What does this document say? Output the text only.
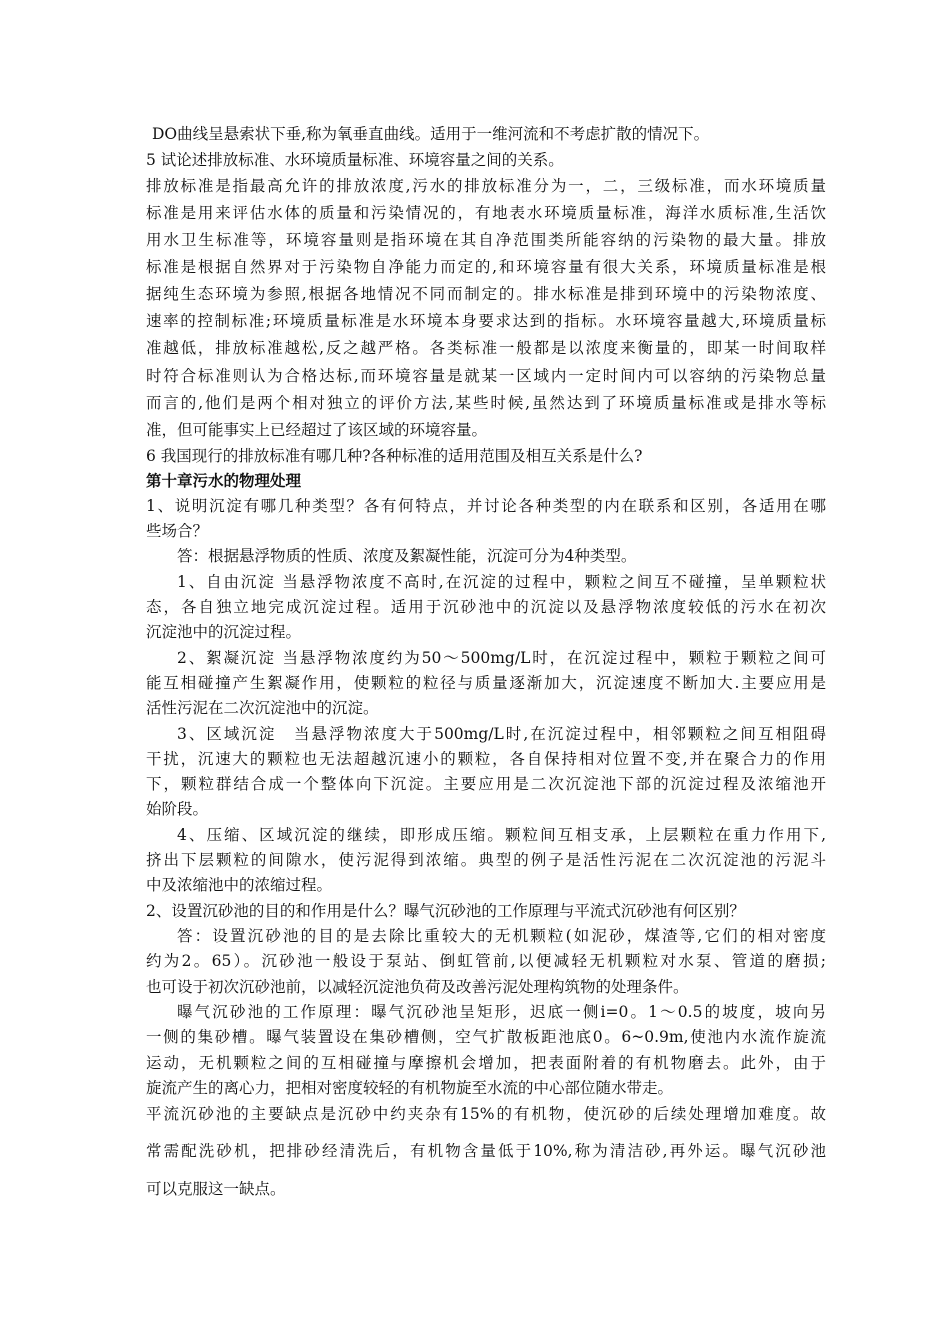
DO曲线呈悬索状下垂,称为氧垂直曲线。适用于一维河流和不考虑扩散的情况下。
5 试论述排放标准、水环境质量标准、环境容量之间的关系。
排放标准是指最高允许的排放浓度,污水的排放标准分为一，二，三级标准，而水环境质量
标准是用来评估水体的质量和污染情况的，有地表水环境质量标准，海洋水质标准,生活饮
用水卫生标准等，环境容量则是指环境在其自净范围类所能容纳的污染物的最大量。排放
标准是根据自然界对于污染物自净能力而定的,和环境容量有很大关系，环境质量标准是根
据纯生态环境为参照,根据各地情况不同而制定的。排水标准是排到环境中的污染物浓度、
速率的控制标准;环境质量标准是水环境本身要求达到的指标。水环境容量越大,环境质量标
准越低，排放标准越松,反之越严格。各类标准一般都是以浓度来衡量的，即某一时间取样
时符合标准则认为合格达标,而环境容量是就某一区域内一定时间内可以容纳的污染物总量
而言的,他们是两个相对独立的评价方法,某些时候,虽然达到了环境质量标准或是排水等标
准，但可能事实上已经超过了该区域的环境容量。
6 我国现行的排放标准有哪几种?各种标准的适用范围及相互关系是什么?
第十章污水的物理处理
1、说明沉淀有哪几种类型？各有何特点，并讨论各种类型的内在联系和区别，各适用在哪
些场合？
答：根据悬浮物质的性质、浓度及絮凝性能，沉淀可分为4种类型。
1、自由沉淀 当悬浮物浓度不高时,在沉淀的过程中，颗粒之间互不碰撞，呈单颗粒状
态，各自独立地完成沉淀过程。适用于沉砂池中的沉淀以及悬浮物浓度较低的污水在初次
沉淀池中的沉淀过程。
2、絮凝沉淀 当悬浮物浓度约为50～500mg/L时，在沉淀过程中，颗粒于颗粒之间可
能互相碰撞产生絮凝作用，使颗粒的粒径与质量逐渐加大，沉淀速度不断加大.主要应用是
活性污泥在二次沉淀池中的沉淀。
3、区域沉淀　当悬浮物浓度大于500mg/L时,在沉淀过程中，相邻颗粒之间互相阻碍
干扰，沉速大的颗粒也无法超越沉速小的颗粒，各自保持相对位置不变,并在聚合力的作用
下，颗粒群结合成一个整体向下沉淀。主要应用是二次沉淀池下部的沉淀过程及浓缩池开
始阶段。
4、压缩、区域沉淀的继续，即形成压缩。颗粒间互相支承，上层颗粒在重力作用下,
挤出下层颗粒的间隙水，使污泥得到浓缩。典型的例子是活性污泥在二次沉淀池的污泥斗
中及浓缩池中的浓缩过程。
2、设置沉砂池的目的和作用是什么？曝气沉砂池的工作原理与平流式沉砂池有何区别？
答：设置沉砂池的目的是去除比重较大的无机颗粒(如泥砂，煤渣等,它们的相对密度
约为2。65）。沉砂池一般设于泵站、倒虹管前,以便减轻无机颗粒对水泵、管道的磨损;
也可设于初次沉砂池前，以减轻沉淀池负荷及改善污泥处理构筑物的处理条件。
曝气沉砂池的工作原理：曝气沉砂池呈矩形，迟底一侧i=0。1～0.5的坡度，坡向另
一侧的集砂槽。曝气装置设在集砂槽侧，空气扩散板距池底0。6~0.9m,使池内水流作旋流
运动，无机颗粒之间的互相碰撞与摩擦机会增加，把表面附着的有机物磨去。此外，由于
旋流产生的离心力，把相对密度较轻的有机物旋至水流的中心部位随水带走。
平流沉砂池的主要缺点是沉砂中约夹杂有15%的有机物，使沉砂的后续处理增加难度。故
常需配洗砂机，把排砂经清洗后，有机物含量低于10%,称为清洁砂,再外运。曝气沉砂池
可以克服这一缺点。
